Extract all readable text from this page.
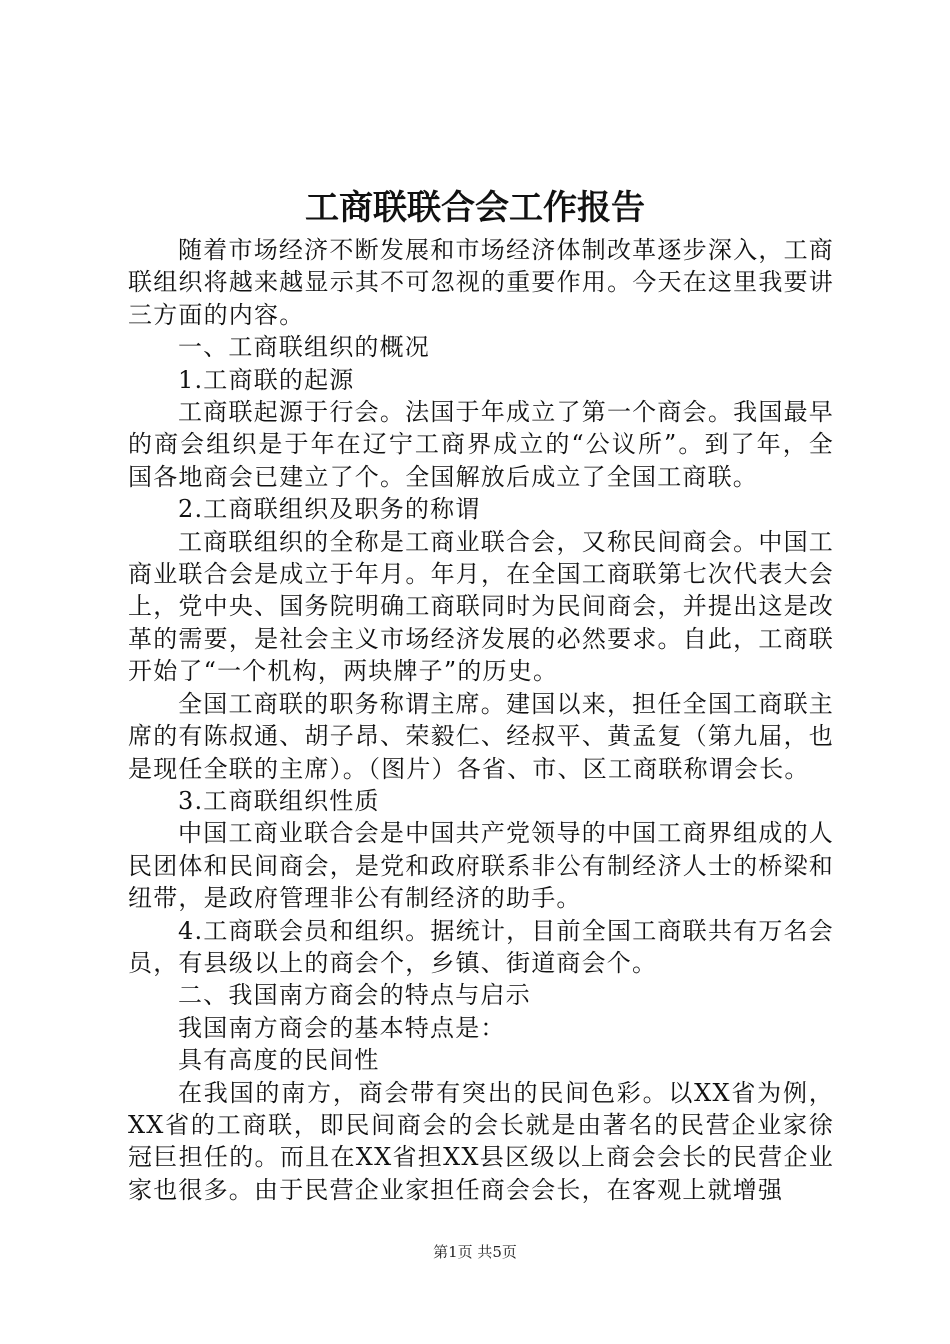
工商联联合会工作报告

随着市场经济不断发展和市场经济体制改革逐步深入，工商联组织将越来越显示其不可忽视的重要作用。今天在这里我要讲三方面的内容。

一、工商联组织的概况

1.工商联的起源

工商联起源于行会。法国于年成立了第一个商会。我国最早的商会组织是于年在辽宁工商界成立的“公议所”。到了年，全国各地商会已建立了个。全国解放后成立了全国工商联。

2.工商联组织及职务的称谓

工商联组织的全称是工商业联合会，又称民间商会。中国工商业联合会是成立于年月。年月，在全国工商联第七次代表大会上，党中央、国务院明确工商联同时为民间商会，并提出这是改革的需要，是社会主义市场经济发展的必然要求。自此，工商联开始了“一个机构，两块牌子”的历史。

全国工商联的职务称谓主席。建国以来，担任全国工商联主席的有陈叔通、胡子昂、荣毅仁、经叔平、黄孟复（第九届，也是现任全联的主席）。（图片）各省、市、区工商联称谓会长。

3.工商联组织性质

中国工商业联合会是中国共产党领导的中国工商界组成的人民团体和民间商会，是党和政府联系非公有制经济人士的桥梁和纽带，是政府管理非公有制经济的助手。

4.工商联会员和组织。据统计，目前全国工商联共有万名会员，有县级以上的商会个，乡镇、街道商会个。

二、我国南方商会的特点与启示

我国南方商会的基本特点是：

具有高度的民间性

在我国的南方，商会带有突出的民间色彩。以XX省为例，XX省的工商联，即民间商会的会长就是由著名的民营企业家徐冠巨担任的。而且在XX省担XX县区级以上商会会长的民营企业家也很多。由于民营企业家担任商会会长，在客观上就增强

第1页 共5页
